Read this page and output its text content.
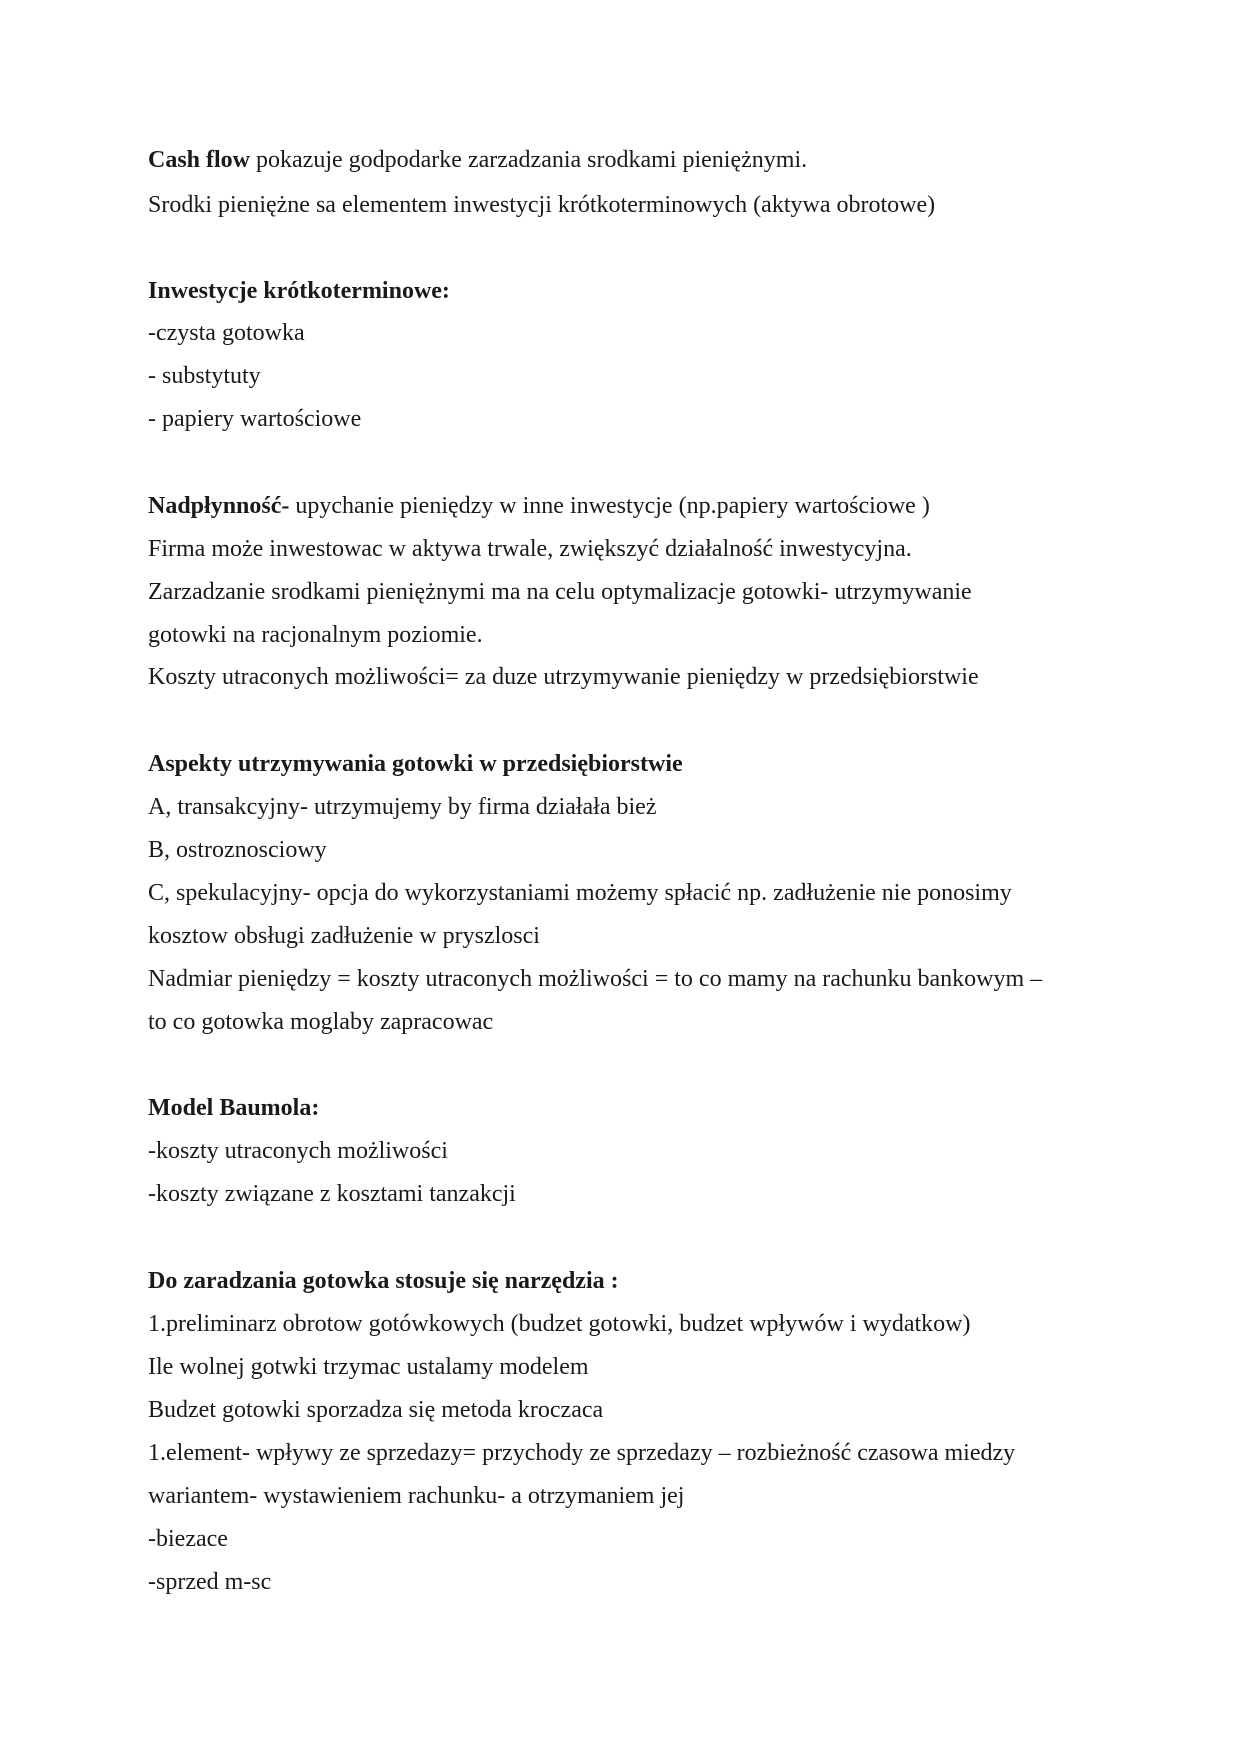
Cash flow pokazuje godpodarke zarzadzania srodkami pieniężnymi.
Srodki pieniężne sa elementem inwestycji krótkoterminowych (aktywa obrotowe)
Inwestycje krótkoterminowe:
-czysta gotowka
- substytuty
- papiery wartościowe
Nadpłynność- upychanie pieniędzy w inne inwestycje (np.papiery wartościowe )
Firma może inwestowac w aktywa trwale, zwiększyć działalność inwestycyjna.
Zarzadzanie srodkami pieniężnymi ma na celu optymalizacje gotowki- utrzymywanie
gotowki na racjonalnym poziomie.
Koszty utraconych możliwości= za duze utrzymywanie pieniędzy w przedsiębiorstwie
Aspekty utrzymywania gotowki w przedsiębiorstwie
A, transakcyjny- utrzymujemy by firma działała bież
B, ostroznosciowy
C, spekulacyjny- opcja do wykorzystaniami możemy spłacić np. zadłużenie nie ponosimy
kosztow obsługi zadłużenie w pryszlosci
Nadmiar pieniędzy = koszty utraconych możliwości = to co mamy na rachunku bankowym –
to co gotowka moglaby zapracowac
Model Baumola:
-koszty utraconych możliwości
-koszty związane z kosztami tanzakcji
Do zaradzania gotowka stosuje się narzędzia :
1.preliminarz obrotow gotówkowych (budzet gotowki, budzet wpływów i wydatkow)
Ile wolnej gotwki trzymac ustalamy modelem
Budzet gotowki sporzadza się metoda kroczaca
1.element- wpływy ze sprzedazy= przychody ze sprzedazy – rozbieżność czasowa miedzy
wariantem- wystawieniem rachunku- a otrzymaniem jej
-biezace
-sprzed m-sc
